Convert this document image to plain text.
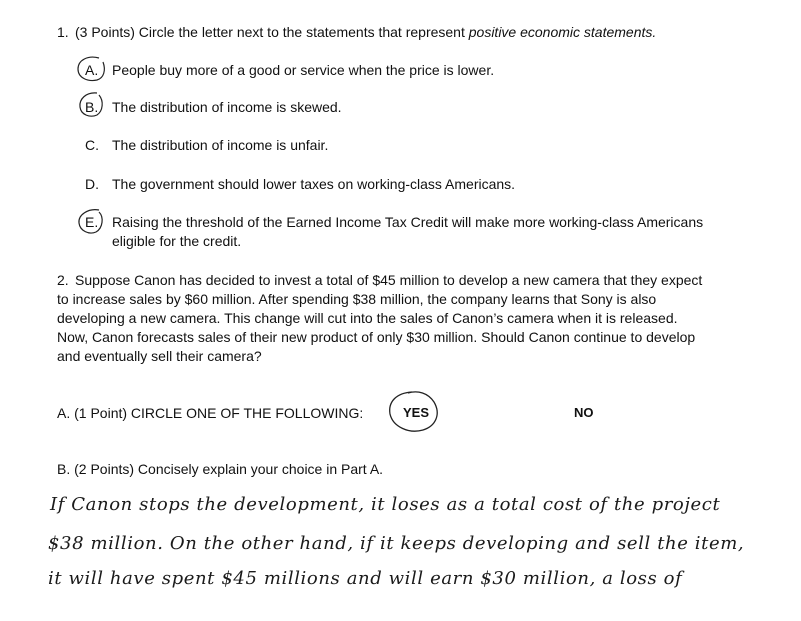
1. (3 Points) Circle the letter next to the statements that represent positive economic statements.
A. People buy more of a good or service when the price is lower.
B. The distribution of income is skewed.
C. The distribution of income is unfair.
D. The government should lower taxes on working-class Americans.
E. Raising the threshold of the Earned Income Tax Credit will make more working-class Americans
eligible for the credit.
2. Suppose Canon has decided to invest a total of $45 million to develop a new camera that they expect
to increase sales by $60 million. After spending $38 million, the company learns that Sony is also
developing a new camera. This change will cut into the sales of Canon’s camera when it is released.
Now, Canon forecasts sales of their new product of only $30 million. Should Canon continue to develop
and eventually sell their camera?
A. (1 Point) CIRCLE ONE OF THE FOLLOWING:	YES	NO
B. (2 Points) Concisely explain your choice in Part A.
If Canon stops the development, it loses as a total cost of the project
$38 million. On the other hand, if it keeps developing and sell the item,
it will have spent $45 millions and will earn $30 million, a loss of
